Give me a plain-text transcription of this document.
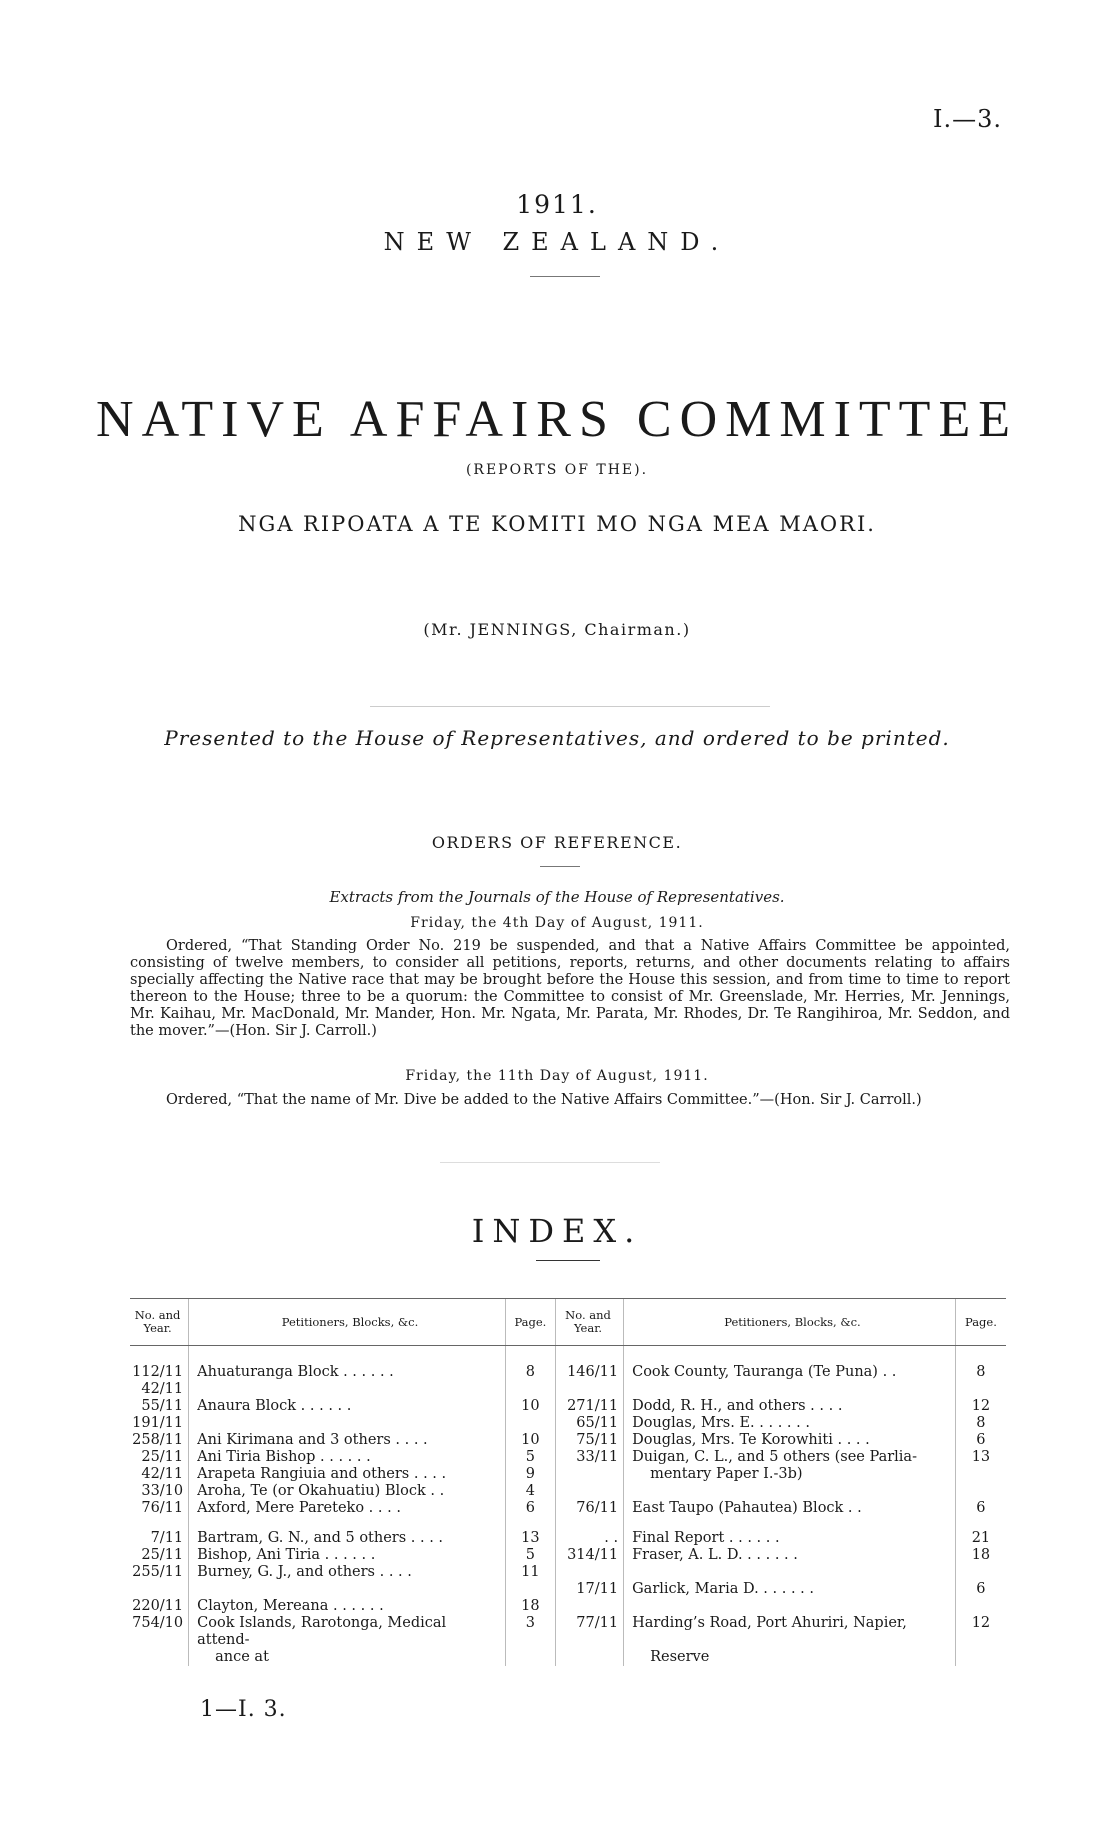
I.—3.
1911.
NEW ZEALAND.
NATIVE AFFAIRS COMMITTEE
(REPORTS OF THE).
NGA RIPOATA A TE KOMITI MO NGA MEA MAORI.
(Mr. JENNINGS, Chairman.)
Presented to the House of Representatives, and ordered to be printed.
ORDERS OF REFERENCE.
Extracts from the Journals of the House of Representatives.
Friday, the 4th Day of August, 1911.

Ordered, “That Standing Order No. 219 be suspended, and that a Native Affairs Committee be appointed, consisting of twelve members, to consider all petitions, reports, returns, and other documents relating to affairs specially affecting the Native race that may be brought before the House this session, and from time to time to report thereon to the House; three to be a quorum: the Committee to consist of Mr. Greenslade, Mr. Herries, Mr. Jennings, Mr. Kaihau, Mr. MacDonald, Mr. Mander, Hon. Mr. Ngata, Mr. Parata, Mr. Rhodes, Dr. Te Rangihiroa, Mr. Seddon, and the mover.”—(Hon. Sir J. Carroll.)

Friday, the 11th Day of August, 1911.

Ordered, “That the name of Mr. Dive be added to the Native Affairs Committee.”—(Hon. Sir J. Carroll.)

INDEX.
No. and Year.	Petitioners, Blocks, &c.	Page.	No. and Year.	Petitioners, Blocks, &c.	Page.
112/11	Ahuaturanga Block . . . . . .	8	146/11	Cook County, Tauranga (Te Puna) . .	8
42/11					
55/11	Anaura Block . . . . . .	10	271/11	Dodd, R. H., and others . . . .	12
191/11			65/11	Douglas, Mrs. E. . . . . . .	8
258/11	Ani Kirimana and 3 others . . . .	10	75/11	Douglas, Mrs. Te Korowhiti . . . .	6
25/11	Ani Tiria Bishop . . . . . .	5	33/11	Duigan, C. L., and 5 others (see Parlia-	13
42/11	Arapeta Rangiuia and others . . . .	9		mentary Paper I.-3b)	
33/10	Aroha, Te (or Okahuatiu) Block . .	4			
76/11	Axford, Mere Pareteko . . . .	6	76/11	East Taupo (Pahautea) Block . .	6

7/11	Bartram, G. N., and 5 others . . . .	13	. .	Final Report . . . . . .	21
25/11	Bishop, Ani Tiria . . . . . .	5	314/11	Fraser, A. L. D. . . . . . .	18
255/11	Burney, G. J., and others . . . .	11			
			17/11	Garlick, Maria D. . . . . . .	6
220/11	Clayton, Mereana . . . . . .	18			
754/10	Cook Islands, Rarotonga, Medical attend-	3	77/11	Harding’s Road, Port Ahuriri, Napier,	12
	ance at			Reserve	
1—I. 3.
